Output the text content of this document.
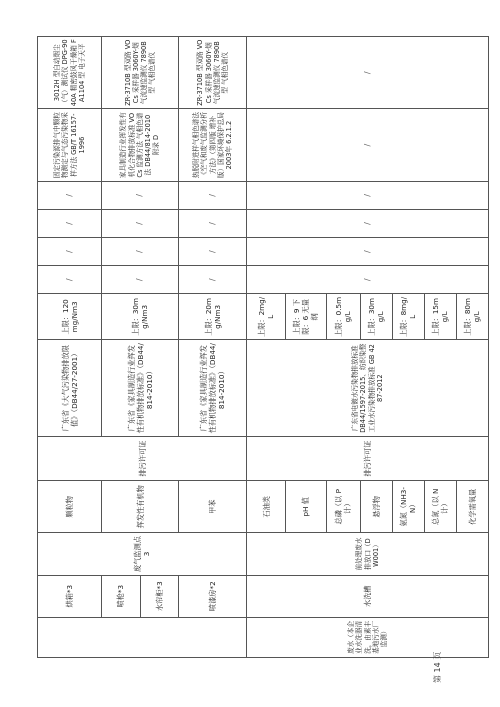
	烘箱*3	废气监测点3	颗粒物	排污许可证	广东省《大气污染物排放限值》（DB44/27-2001）	上限：120mg/Nm3	/	/	/	/	固定污染源排气中颗粒物测定与气态污染物采样方法 GB/T 16157-1996	3012H 型自动烟尘（气）测试仪 DPG-9040A 精密鼓风干燥箱 FA1104 型 电子天平
	喷枪*3		挥发性有机物		广东省《家具制造行业挥发性有机物排放标准》（DB44/814-2010）	上限：30mg/Nm3	/	/	/	/	家具制造行业挥发性有机化合物排放标准 VOCs 监测方法 气相色谱法 DB44/814-2010 附录 D	ZR-3710B 型双路 VOCs 采样器 3060Y-烟气流速监测仪 7890B 型 气相色谱仪
	水帘柜*3											
	喷漆房*2		甲苯		广东省《家具制造行业挥发性有机物排放标准》（DB44/814-2010）	上限：20mg/Nm3	/	/	/	/	热脱附进样气相色谱法《空气和废气监测分析方法》（第四版 增补版）国家环境保护总局 2003年 6.2.1.2	ZR-3710B 型双路 VOCs 采样器 3060Y-烟气流速监测仪 7890B 型 气相色谱仪
废水（本企业水洗器清洗，由素丰基地污水厂监测）	水洗槽	前处理废水排放口（DW001）	石油类	排污许可证	广东省电镀水污染物排放标准 DB44/1597-2015、纺织染整工业水污染物排放标准 GB 4287-2012	上限：2mg/L	/	/	/	/	/	/
			pH 值			上限：9 下限：6 无量纲						
			总磷（以 P 计）			上限：0.5mg/L						
			悬浮物			上限：30mg/L						
			氨氮（NH3-N）			上限：8mg/L						
			总氮（以 N 计）			上限：15mg/L						
			化学需氧量			上限：80mg/L						
第 14 页
